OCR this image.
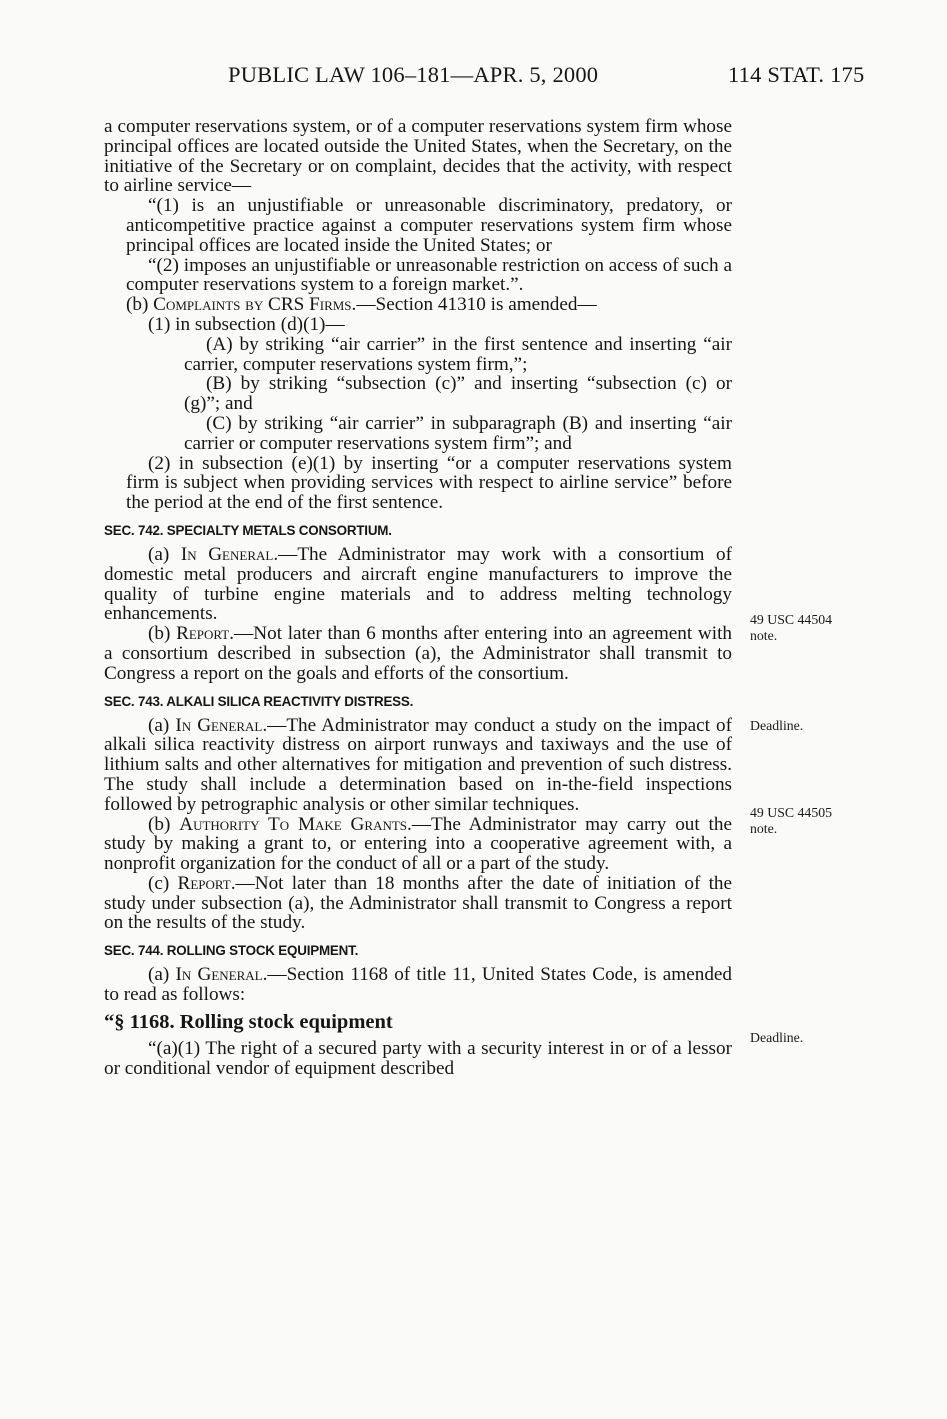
PUBLIC LAW 106–181—APR. 5, 2000	114 STAT. 175

a computer reservations system, or of a computer reservations system firm whose principal offices are located outside the United States, when the Secretary, on the initiative of the Secretary or on complaint, decides that the activity, with respect to airline service—

“(1) is an unjustifiable or unreasonable discriminatory, predatory, or anticompetitive practice against a computer reservations system firm whose principal offices are located inside the United States; or

“(2) imposes an unjustifiable or unreasonable restriction on access of such a computer reservations system to a foreign market.”.

(b) Complaints by CRS Firms.—Section 41310 is amended—

(1) in subsection (d)(1)—

(A) by striking “air carrier” in the first sentence and inserting “air carrier, computer reservations system firm,”;

(B) by striking “subsection (c)” and inserting “subsection (c) or (g)”; and

(C) by striking “air carrier” in subparagraph (B) and inserting “air carrier or computer reservations system firm”; and

(2) in subsection (e)(1) by inserting “or a computer reservations system firm is subject when providing services with respect to airline service” before the period at the end of the first sentence.

SEC. 742. SPECIALTY METALS CONSORTIUM.

(a) In General.—The Administrator may work with a consortium of domestic metal producers and aircraft engine manufacturers to improve the quality of turbine engine materials and to address melting technology enhancements.

(b) Report.—Not later than 6 months after entering into an agreement with a consortium described in subsection (a), the Administrator shall transmit to Congress a report on the goals and efforts of the consortium.

SEC. 743. ALKALI SILICA REACTIVITY DISTRESS.

(a) In General.—The Administrator may conduct a study on the impact of alkali silica reactivity distress on airport runways and taxiways and the use of lithium salts and other alternatives for mitigation and prevention of such distress. The study shall include a determination based on in-the-field inspections followed by petrographic analysis or other similar techniques.

(b) Authority To Make Grants.—The Administrator may carry out the study by making a grant to, or entering into a cooperative agreement with, a nonprofit organization for the conduct of all or a part of the study.

(c) Report.—Not later than 18 months after the date of initiation of the study under subsection (a), the Administrator shall transmit to Congress a report on the results of the study.

SEC. 744. ROLLING STOCK EQUIPMENT.

(a) In General.—Section 1168 of title 11, United States Code, is amended to read as follows:

“§ 1168. Rolling stock equipment

“(a)(1) The right of a secured party with a security interest in or of a lessor or conditional vendor of equipment described

49 USC 44504 note.
Deadline.
49 USC 44505 note.
Deadline.
